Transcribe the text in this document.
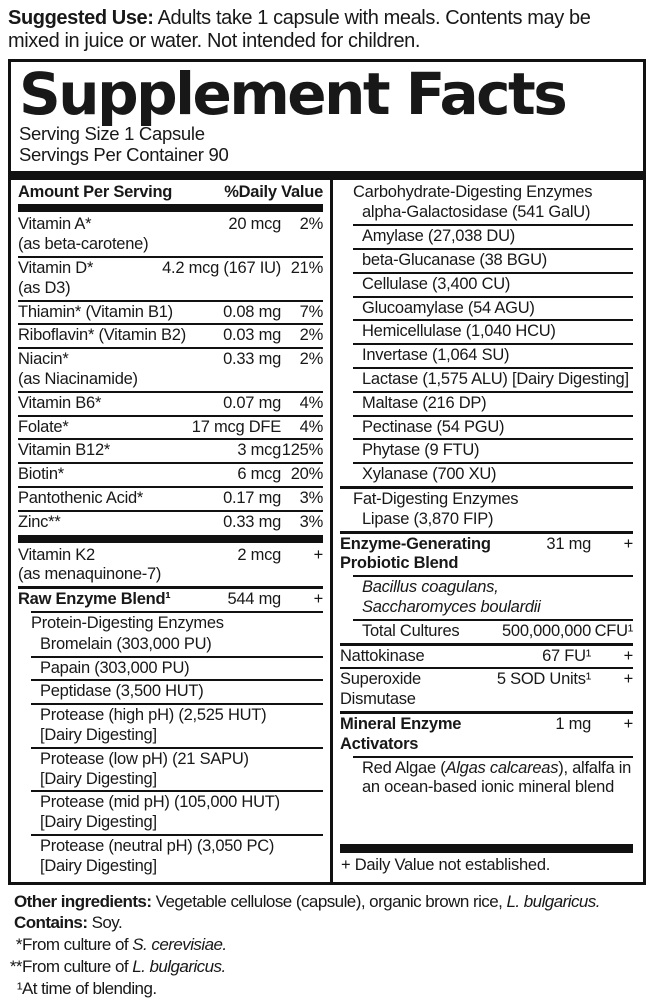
Suggested Use: Adults take 1 capsule with meals. Contents may be mixed in juice or water. Not intended for children.
Supplement Facts
Serving Size 1 Capsule
Servings Per Container 90
Amount Per Serving	%Daily Value
Vitamin A*
(as beta-carotene)
20 mcg	2%
Vitamin D*
(as D3)
4.2 mcg (167 IU) 21%
Thiamin* (Vitamin B1)	0.08 mg	7%
Riboflavin* (Vitamin B2)	0.03 mg	2%
Niacin*
(as Niacinamide)
0.33 mg	2%
Vitamin B6*	0.07 mg	4%
Folate*	17 mcg DFE	4%
Vitamin B12*	3 mcg 125%
Biotin*	6 mcg 20%
Pantothenic Acid*	0.17 mg	3%
Zinc**	0.33 mg	3%
Vitamin K2
(as menaquinone-7)
2 mcg	+
Raw Enzyme Blend¹	544 mg	+
Protein-Digesting Enzymes
Bromelain (303,000 PU)
Papain (303,000 PU)
Peptidase (3,500 HUT)
Protease (high pH) (2,525 HUT)
[Dairy Digesting]
Protease (low pH) (21 SAPU)
[Dairy Digesting]
Protease (mid pH) (105,000 HUT)
[Dairy Digesting]
Protease (neutral pH) (3,050 PC)
[Dairy Digesting]
Carbohydrate-Digesting Enzymes
alpha-Galactosidase (541 GalU)
Amylase (27,038 DU)
beta-Glucanase (38 BGU)
Cellulase (3,400 CU)
Glucoamylase (54 AGU)
Hemicellulase (1,040 HCU)
Invertase (1,064 SU)
Lactase (1,575 ALU) [Dairy Digesting]
Maltase (216 DP)
Pectinase (54 PGU)
Phytase (9 FTU)
Xylanase (700 XU)
Fat-Digesting Enzymes
Lipase (3,870 FIP)
Enzyme-Generating
Probiotic Blend
31 mg	+
Bacillus coagulans,
Saccharomyces boulardii
Total Cultures	500,000,000 CFU¹
Nattokinase	67 FU¹	+
Superoxide
Dismutase
5 SOD Units¹	+
Mineral Enzyme
Activators
1 mg	+
Red Algae (Algas calcareas), alfalfa in an ocean-based ionic mineral blend
+ Daily Value not established.
Other ingredients: Vegetable cellulose (capsule), organic brown rice, L. bulgaricus.
Contains: Soy.
* From culture of S. cerevisiae.
** From culture of L. bulgaricus.
¹ At time of blending.
